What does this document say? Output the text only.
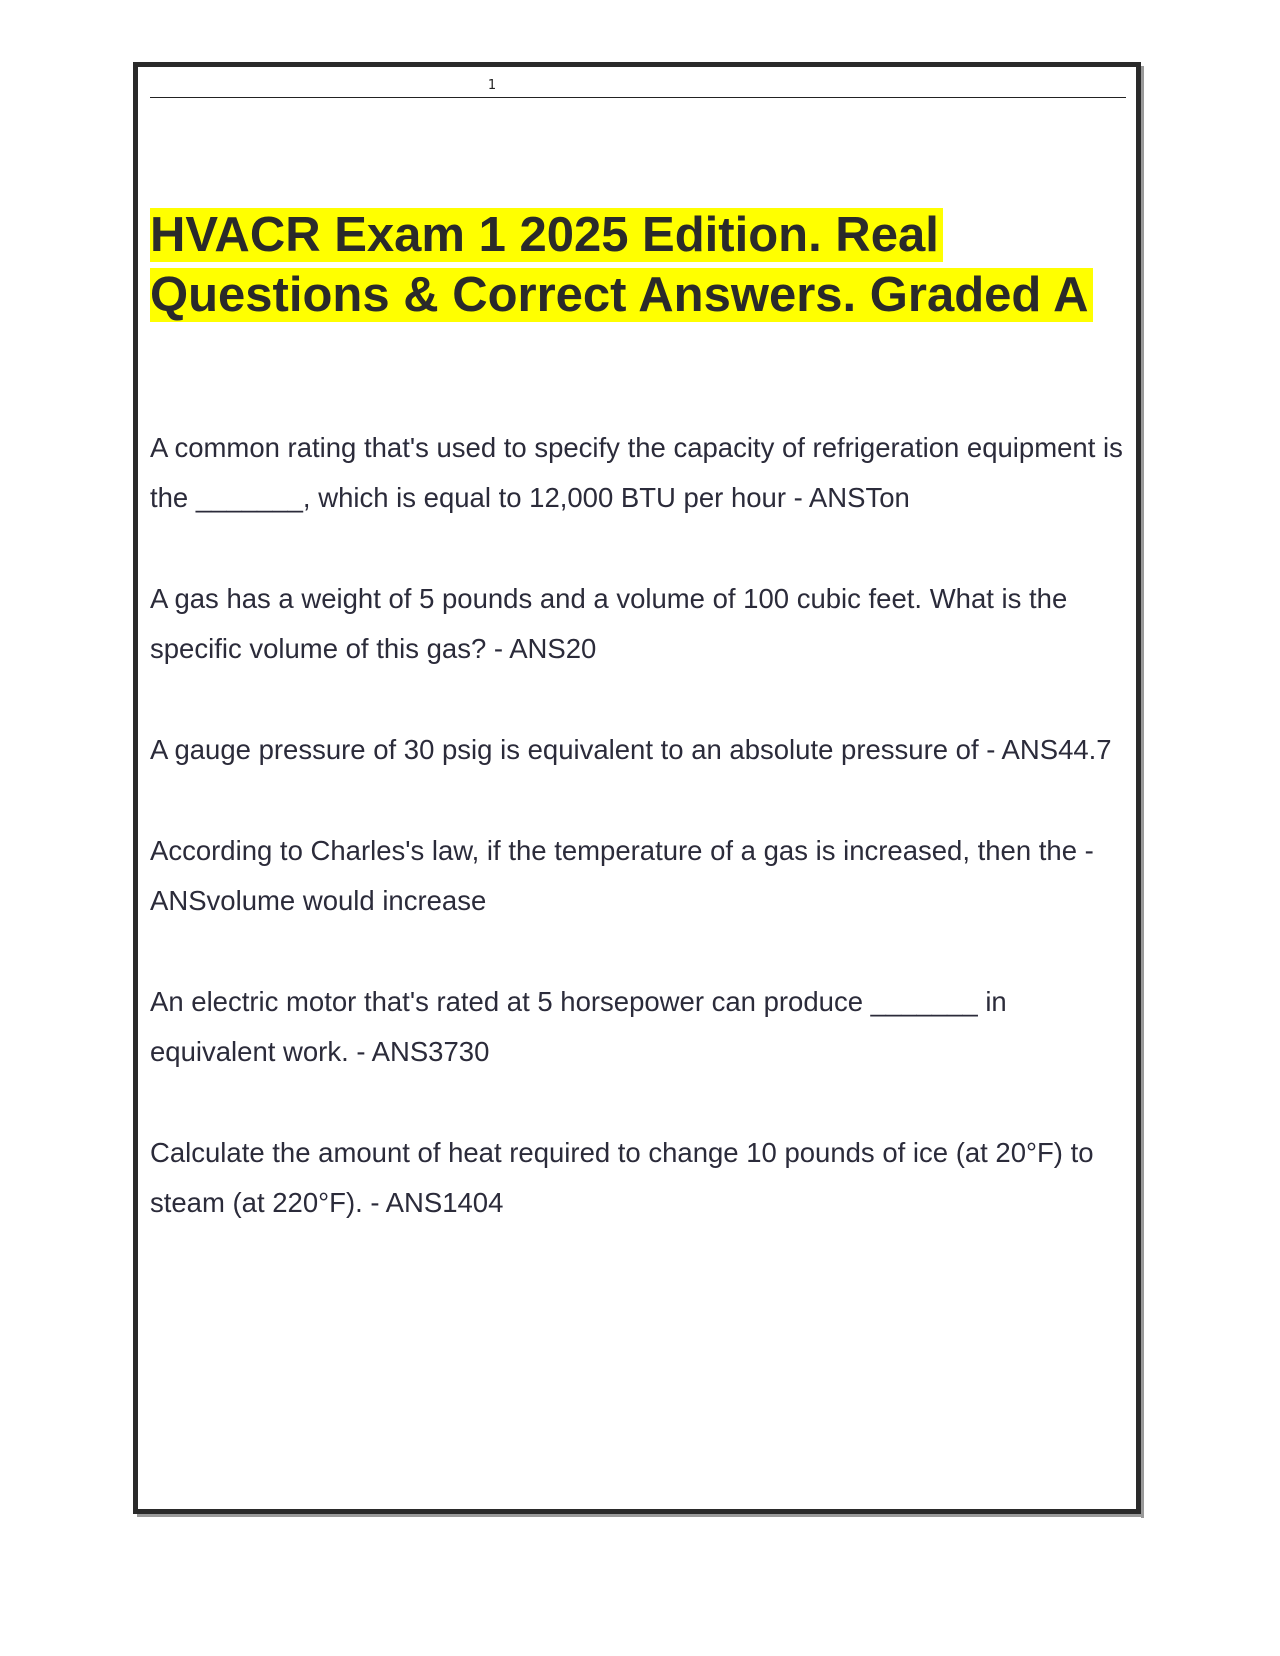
1
HVACR Exam 1 2025 Edition. Real Questions & Correct Answers. Graded A
A common rating that's used to specify the capacity of refrigeration equipment is the _______, which is equal to 12,000 BTU per hour - ANSTon
A gas has a weight of 5 pounds and a volume of 100 cubic feet. What is the specific volume of this gas? - ANS20
A gauge pressure of 30 psig is equivalent to an absolute pressure of - ANS44.7
According to Charles's law, if the temperature of a gas is increased, then the - ANSvolume would increase
An electric motor that's rated at 5 horsepower can produce _______ in equivalent work. - ANS3730
Calculate the amount of heat required to change 10 pounds of ice (at 20°F) to steam (at 220°F). - ANS1404
